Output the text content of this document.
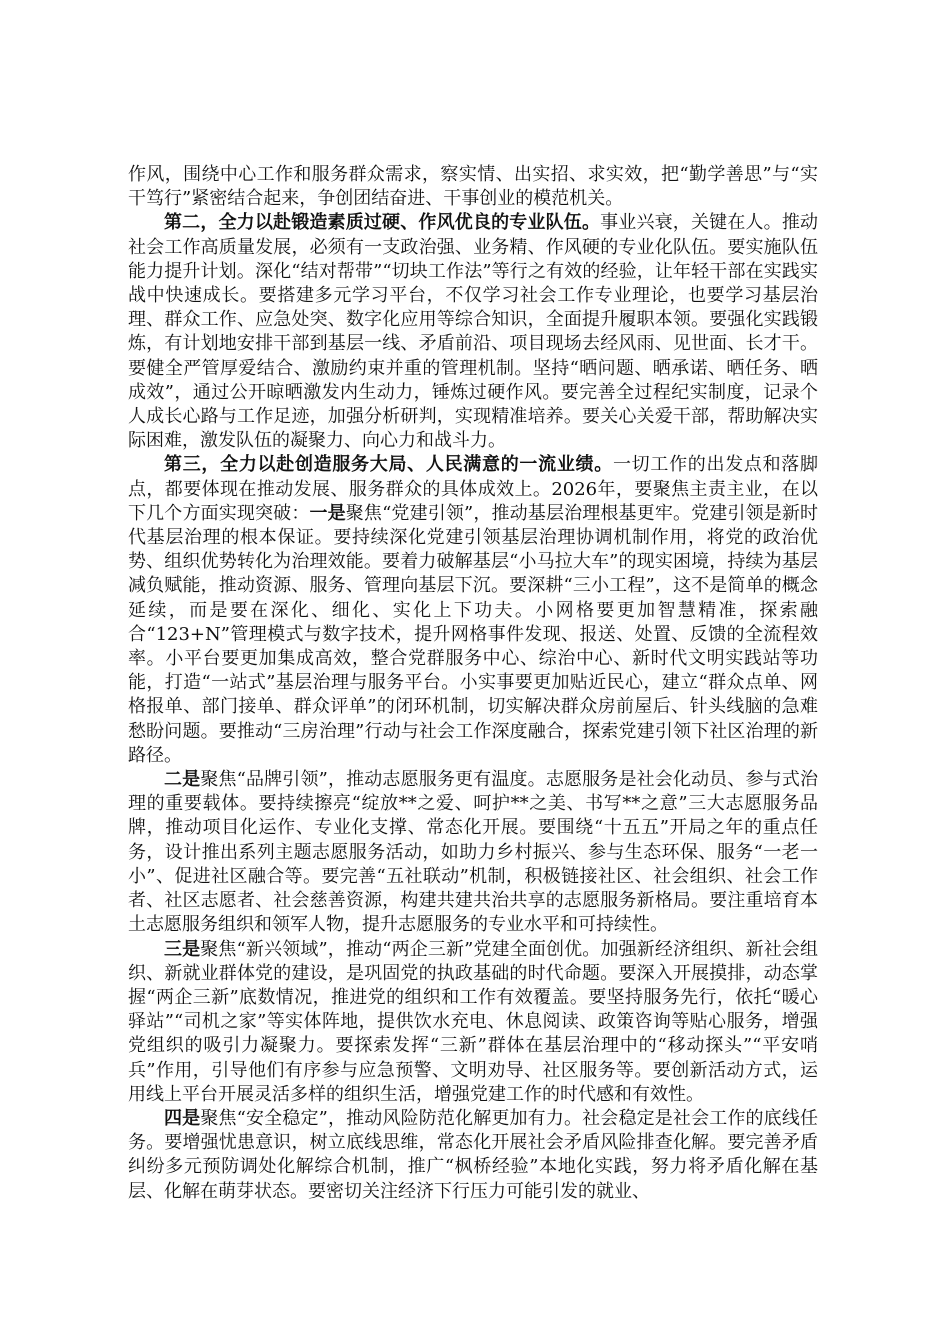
作风，围绕中心工作和服务群众需求，察实情、出实招、求实效，把“勤学善思”与“实干笃行”紧密结合起来，争创团结奋进、干事创业的模范机关。

第二，全力以赴锻造素质过硬、作风优良的专业队伍。事业兴衰，关键在人。推动社会工作高质量发展，必须有一支政治强、业务精、作风硬的专业化队伍。要实施队伍能力提升计划。深化“结对帮带”“切块工作法”等行之有效的经验，让年轻干部在实践实战中快速成长。要搭建多元学习平台，不仅学习社会工作专业理论，也要学习基层治理、群众工作、应急处突、数字化应用等综合知识，全面提升履职本领。要强化实践锻炼，有计划地安排干部到基层一线、矛盾前沿、项目现场去经风雨、见世面、长才干。要健全严管厚爱结合、激励约束并重的管理机制。坚持“晒问题、晒承诺、晒任务、晒成效”，通过公开晾晒激发内生动力，锤炼过硬作风。要完善全过程纪实制度，记录个人成长心路与工作足迹，加强分析研判，实现精准培养。要关心关爱干部，帮助解决实际困难，激发队伍的凝聚力、向心力和战斗力。

第三，全力以赴创造服务大局、人民满意的一流业绩。一切工作的出发点和落脚点，都要体现在推动发展、服务群众的具体成效上。2026年，要聚焦主责主业，在以下几个方面实现突破：一是聚焦“党建引领”，推动基层治理根基更牢。党建引领是新时代基层治理的根本保证。要持续深化党建引领基层治理协调机制作用，将党的政治优势、组织优势转化为治理效能。要着力破解基层“小马拉大车”的现实困境，持续为基层减负赋能，推动资源、服务、管理向基层下沉。要深耕“三小工程”，这不是简单的概念延续，而是要在深化、细化、实化上下功夫。小网格要更加智慧精准，探索融合“123+N”管理模式与数字技术，提升网格事件发现、报送、处置、反馈的全流程效率。小平台要更加集成高效，整合党群服务中心、综治中心、新时代文明实践站等功能，打造“一站式”基层治理与服务平台。小实事要更加贴近民心，建立“群众点单、网格报单、部门接单、群众评单”的闭环机制，切实解决群众房前屋后、针头线脑的急难愁盼问题。要推动“三房治理”行动与社会工作深度融合，探索党建引领下社区治理的新路径。

二是聚焦“品牌引领”，推动志愿服务更有温度。志愿服务是社会化动员、参与式治理的重要载体。要持续擦亮“绽放**之爱、呵护**之美、书写**之意”三大志愿服务品牌，推动项目化运作、专业化支撑、常态化开展。要围绕“十五五”开局之年的重点任务，设计推出系列主题志愿服务活动，如助力乡村振兴、参与生态环保、服务“一老一小”、促进社区融合等。要完善“五社联动”机制，积极链接社区、社会组织、社会工作者、社区志愿者、社会慈善资源，构建共建共治共享的志愿服务新格局。要注重培育本土志愿服务组织和领军人物，提升志愿服务的专业水平和可持续性。

三是聚焦“新兴领域”，推动“两企三新”党建全面创优。加强新经济组织、新社会组织、新就业群体党的建设，是巩固党的执政基础的时代命题。要深入开展摸排，动态掌握“两企三新”底数情况，推进党的组织和工作有效覆盖。要坚持服务先行，依托“暖心驿站”“司机之家”等实体阵地，提供饮水充电、休息阅读、政策咨询等贴心服务，增强党组织的吸引力凝聚力。要探索发挥“三新”群体在基层治理中的“移动探头”“平安哨兵”作用，引导他们有序参与应急预警、文明劝导、社区服务等。要创新活动方式，运用线上平台开展灵活多样的组织生活，增强党建工作的时代感和有效性。

四是聚焦“安全稳定”，推动风险防范化解更加有力。社会稳定是社会工作的底线任务。要增强忧患意识，树立底线思维，常态化开展社会矛盾风险排查化解。要完善矛盾纠纷多元预防调处化解综合机制，推广“枫桥经验”本地化实践，努力将矛盾化解在基层、化解在萌芽状态。要密切关注经济下行压力可能引发的就业、
